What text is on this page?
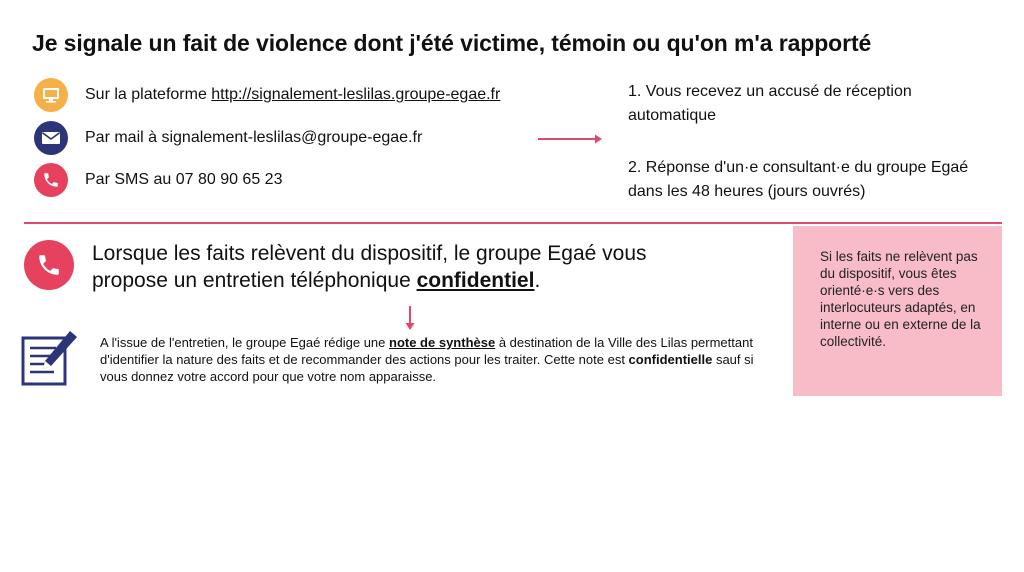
Je signale un fait de violence dont j'été victime, témoin ou qu'on m'a rapporté
Sur la plateforme http://signalement-leslilas.groupe-egae.fr
Par mail à signalement-leslilas@groupe-egae.fr
Par SMS au 07 80 90 65 23
1. Vous recevez un accusé de réception automatique
2. Réponse d'un·e consultant·e du groupe Egaé dans les 48 heures (jours ouvrés)
Lorsque les faits relèvent du dispositif, le groupe Egaé vous propose un entretien téléphonique confidentiel.
A l'issue de l'entretien, le groupe Egaé rédige une note de synthèse à destination de la Ville des Lilas permettant d'identifier la nature des faits et de recommander des actions pour les traiter. Cette note est confidentielle sauf si vous donnez votre accord pour que votre nom apparaisse.
Si les faits ne relèvent pas du dispositif, vous êtes orienté·e·s vers des interlocuteurs adaptés, en interne ou en externe de la collectivité.
